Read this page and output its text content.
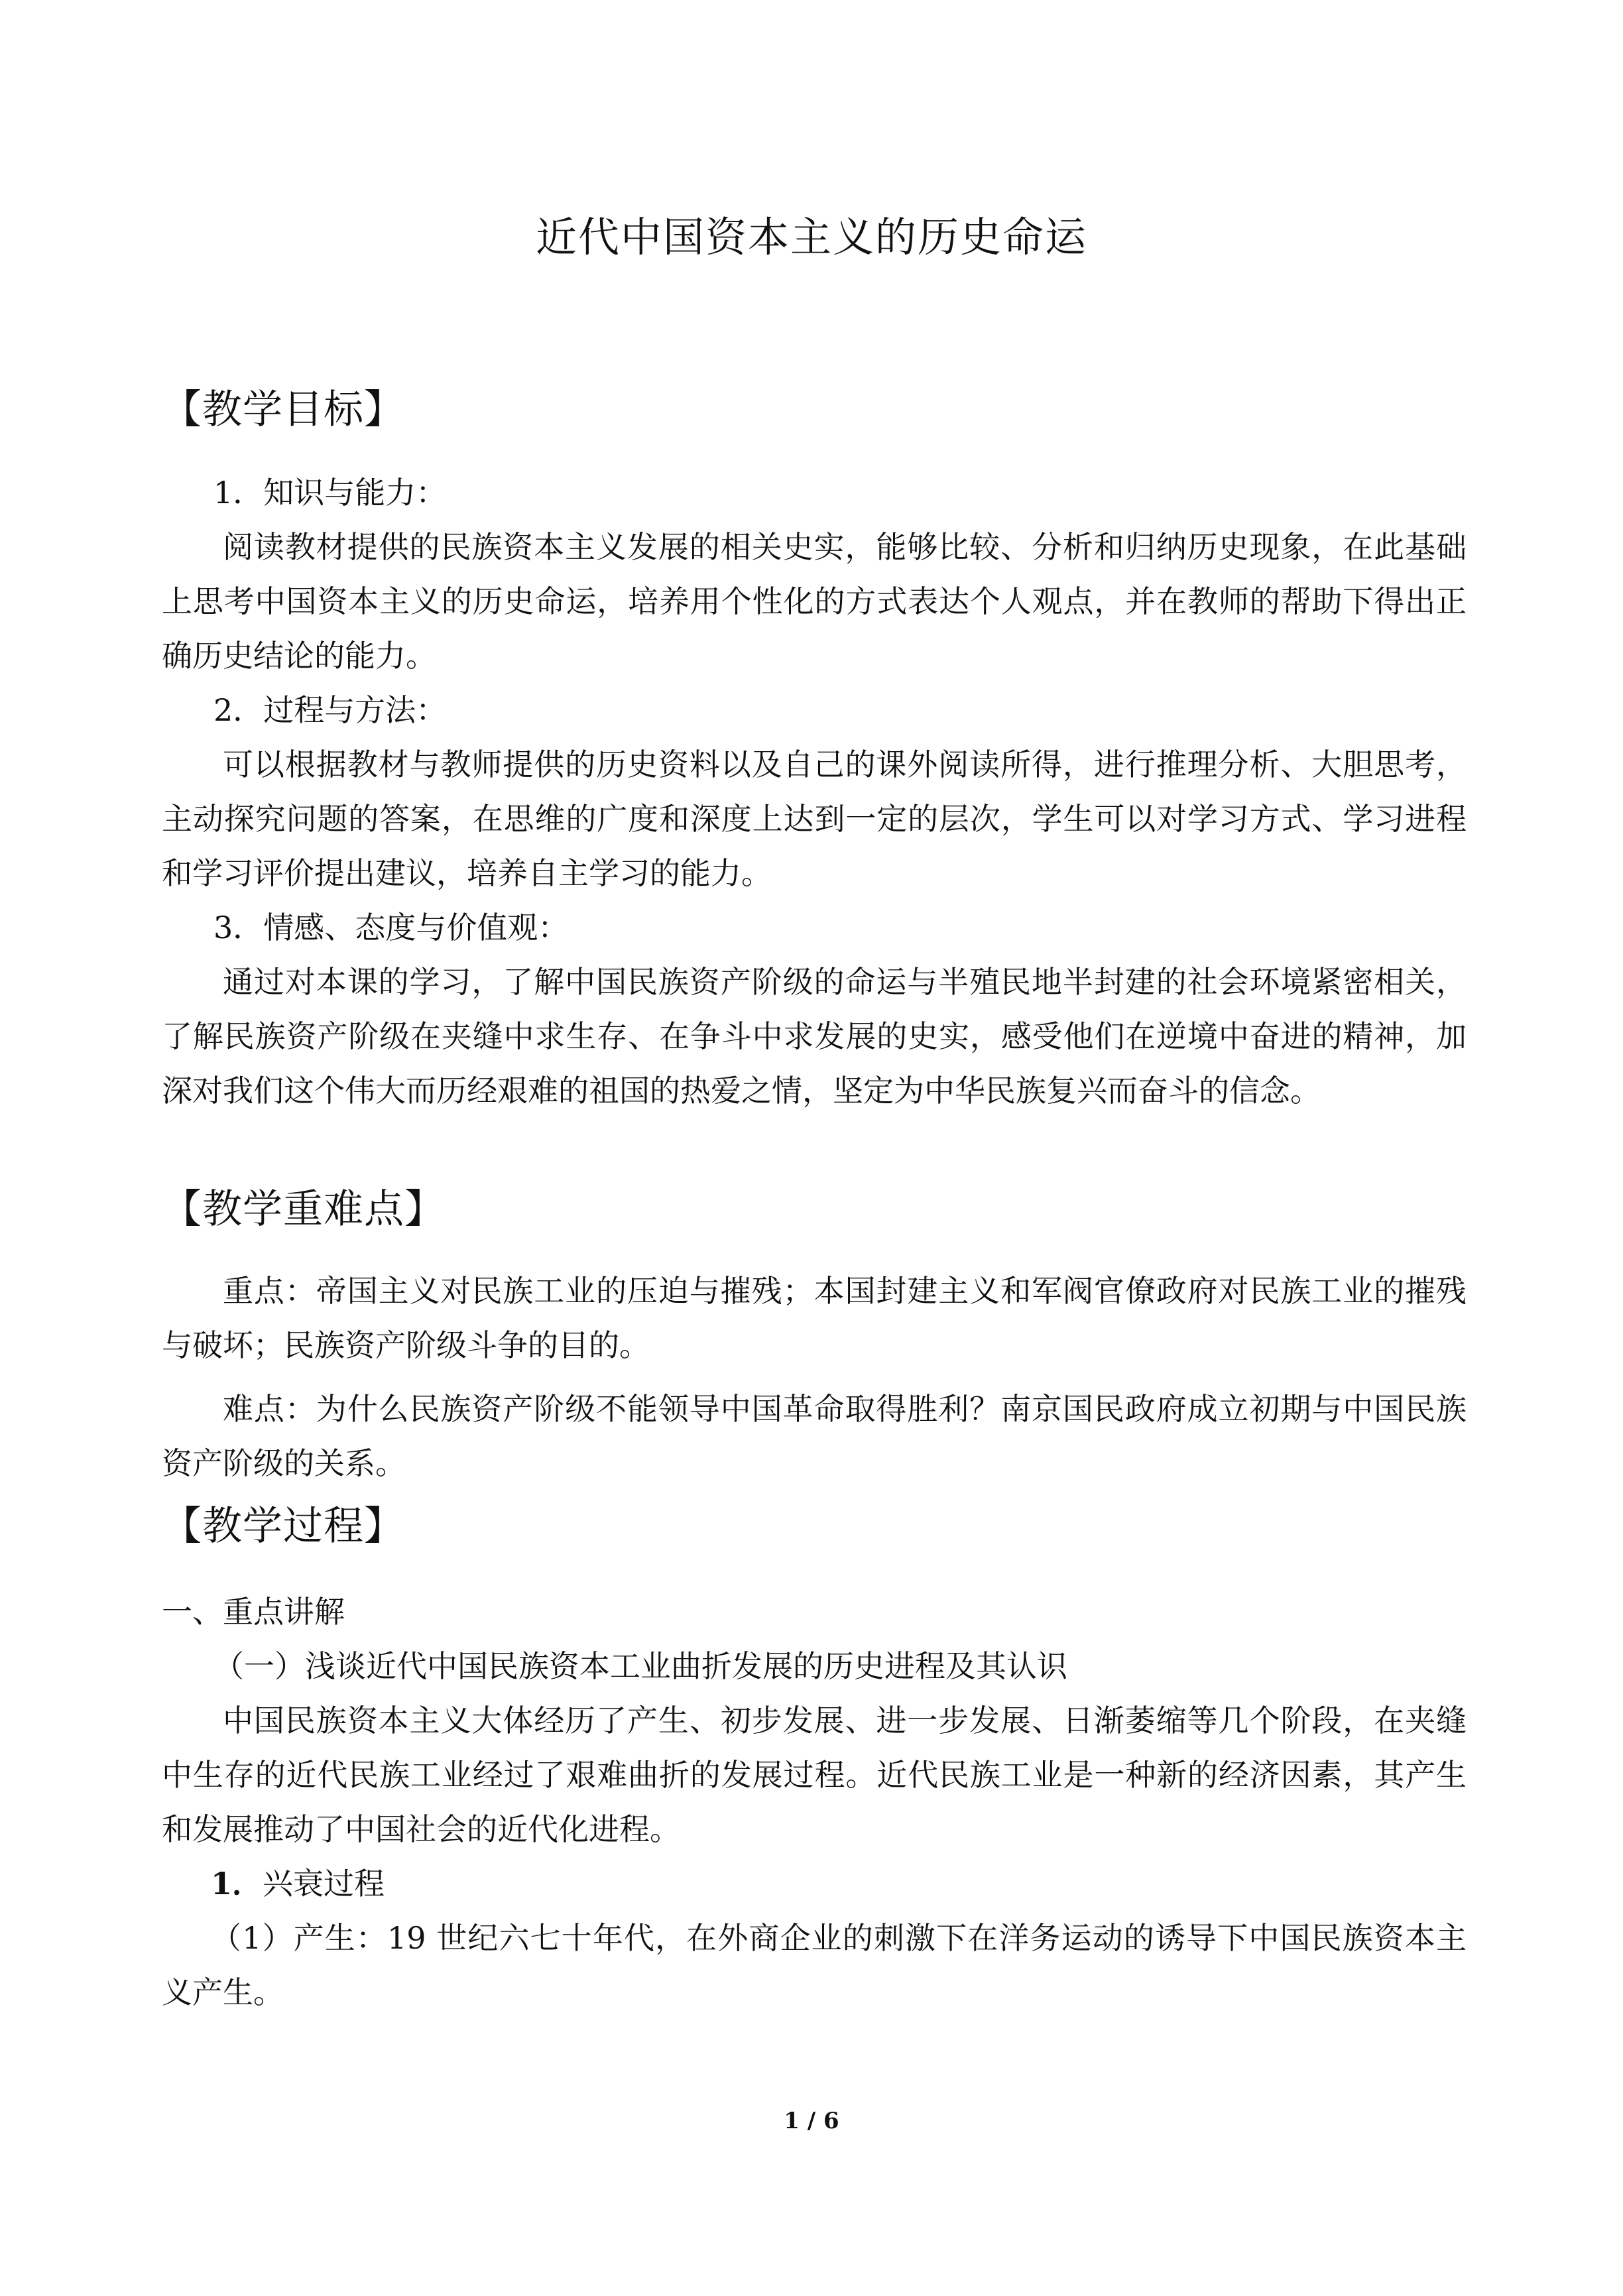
近代中国资本主义的历史命运
【教学目标】
1．知识与能力：
阅读教材提供的民族资本主义发展的相关史实，能够比较、分析和归纳历史现象，在此基础上思考中国资本主义的历史命运，培养用个性化的方式表达个人观点，并在教师的帮助下得出正确历史结论的能力。
2．过程与方法：
可以根据教材与教师提供的历史资料以及自己的课外阅读所得，进行推理分析、大胆思考，主动探究问题的答案，在思维的广度和深度上达到一定的层次，学生可以对学习方式、学习进程和学习评价提出建议，培养自主学习的能力。
3．情感、态度与价值观：
通过对本课的学习，了解中国民族资产阶级的命运与半殖民地半封建的社会环境紧密相关，了解民族资产阶级在夹缝中求生存、在争斗中求发展的史实，感受他们在逆境中奋进的精神，加深对我们这个伟大而历经艰难的祖国的热爱之情，坚定为中华民族复兴而奋斗的信念。
【教学重难点】
重点：帝国主义对民族工业的压迫与摧残；本国封建主义和军阀官僚政府对民族工业的摧残与破坏；民族资产阶级斗争的目的。
难点：为什么民族资产阶级不能领导中国革命取得胜利？南京国民政府成立初期与中国民族资产阶级的关系。
【教学过程】
一、重点讲解
（一）浅谈近代中国民族资本工业曲折发展的历史进程及其认识
中国民族资本主义大体经历了产生、初步发展、进一步发展、日渐萎缩等几个阶段，在夹缝中生存的近代民族工业经过了艰难曲折的发展过程。近代民族工业是一种新的经济因素，其产生和发展推动了中国社会的近代化进程。
1．兴衰过程
（1）产生：19 世纪六七十年代，在外商企业的刺激下在洋务运动的诱导下中国民族资本主义产生。
1 / 6
